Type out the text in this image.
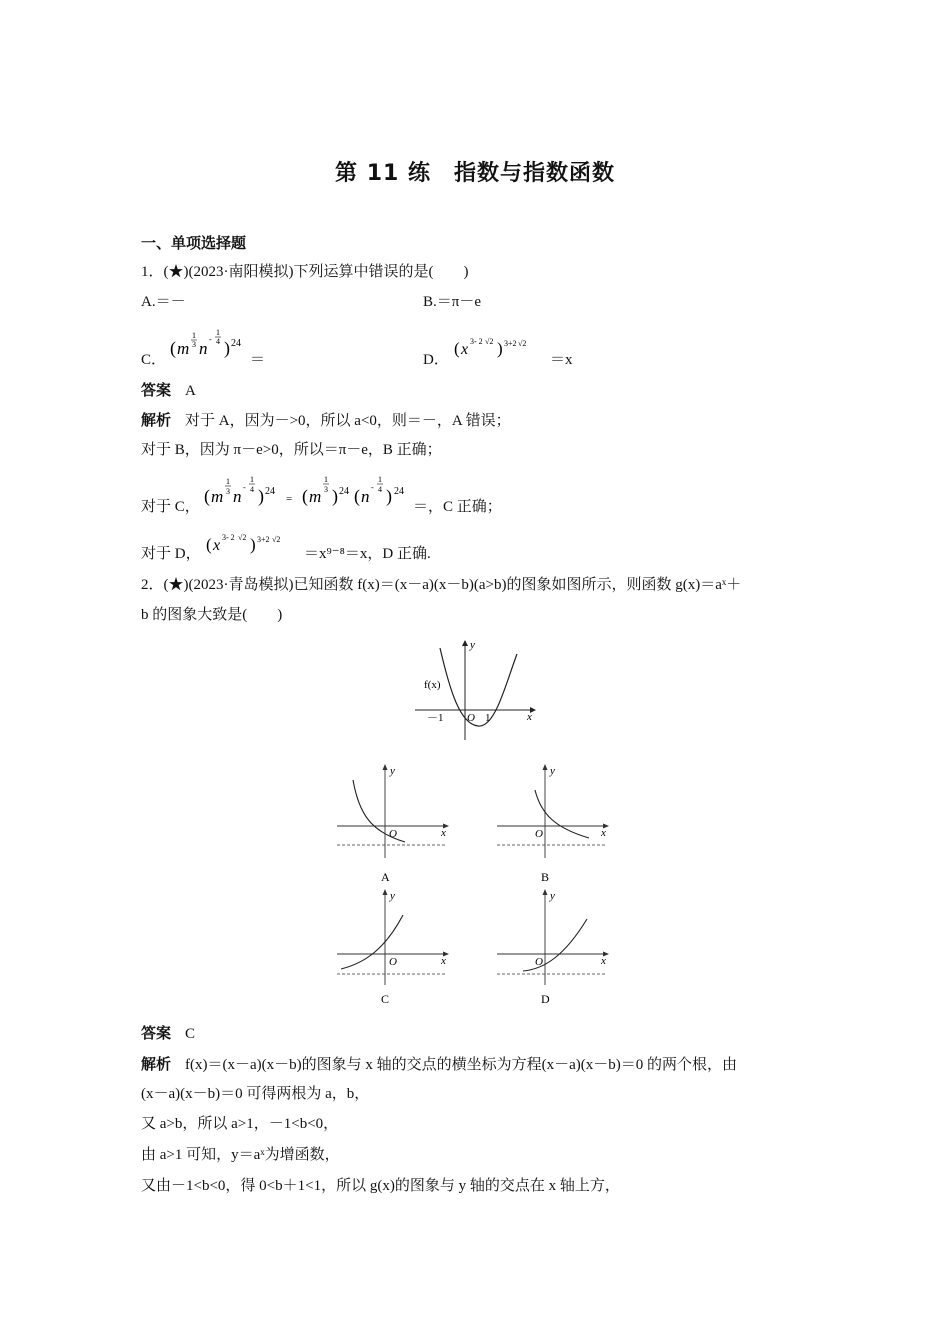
第 11 练　指数与指数函数
一、单项选择题
1．(★)(2023·南阳模拟)下列运算中错误的是(　　)
A.＝－	B.＝π－e
C．
( m
1
3 n -
1
4 ) 24
＝	D．
( x 3- 2 √2 ) 3+2 √2
＝x
答案 A
解析 对于 A，因为－>0，所以 a<0，则＝－，A 错误；
对于 B，因为 π－e>0，所以＝π－e，B 正确；
对于 C，
( m
1
3 n -
1
4 ) 24
= ( m
1
3 ) 24 ( n -
1
4 ) 24
＝，C 正确；
对于 D， ( x 3- 2 √2 ) 3+2 √2
＝x⁹⁻⁸＝x，D 正确.
2．(★)(2023·青岛模拟)已知函数 f(x)＝(x－a)(x－b)(a>b)的图象如图所示，则函数 g(x)＝aˣ＋
b 的图象大致是(　　)
y
f(x)
x
O
－1	1
y
x
O
A
y
x
O
B
y
x
O
C
y
x
O
D
答案 C
解析 f(x)＝(x－a)(x－b)的图象与 x 轴的交点的横坐标为方程(x－a)(x－b)＝0 的两个根，由
(x－a)(x－b)＝0 可得两根为 a，b，
又 a>b，所以 a>1，－1<b<0，
由 a>1 可知，y＝aˣ为增函数，
又由－1<b<0，得 0<b＋1<1，所以 g(x)的图象与 y 轴的交点在 x 轴上方，
